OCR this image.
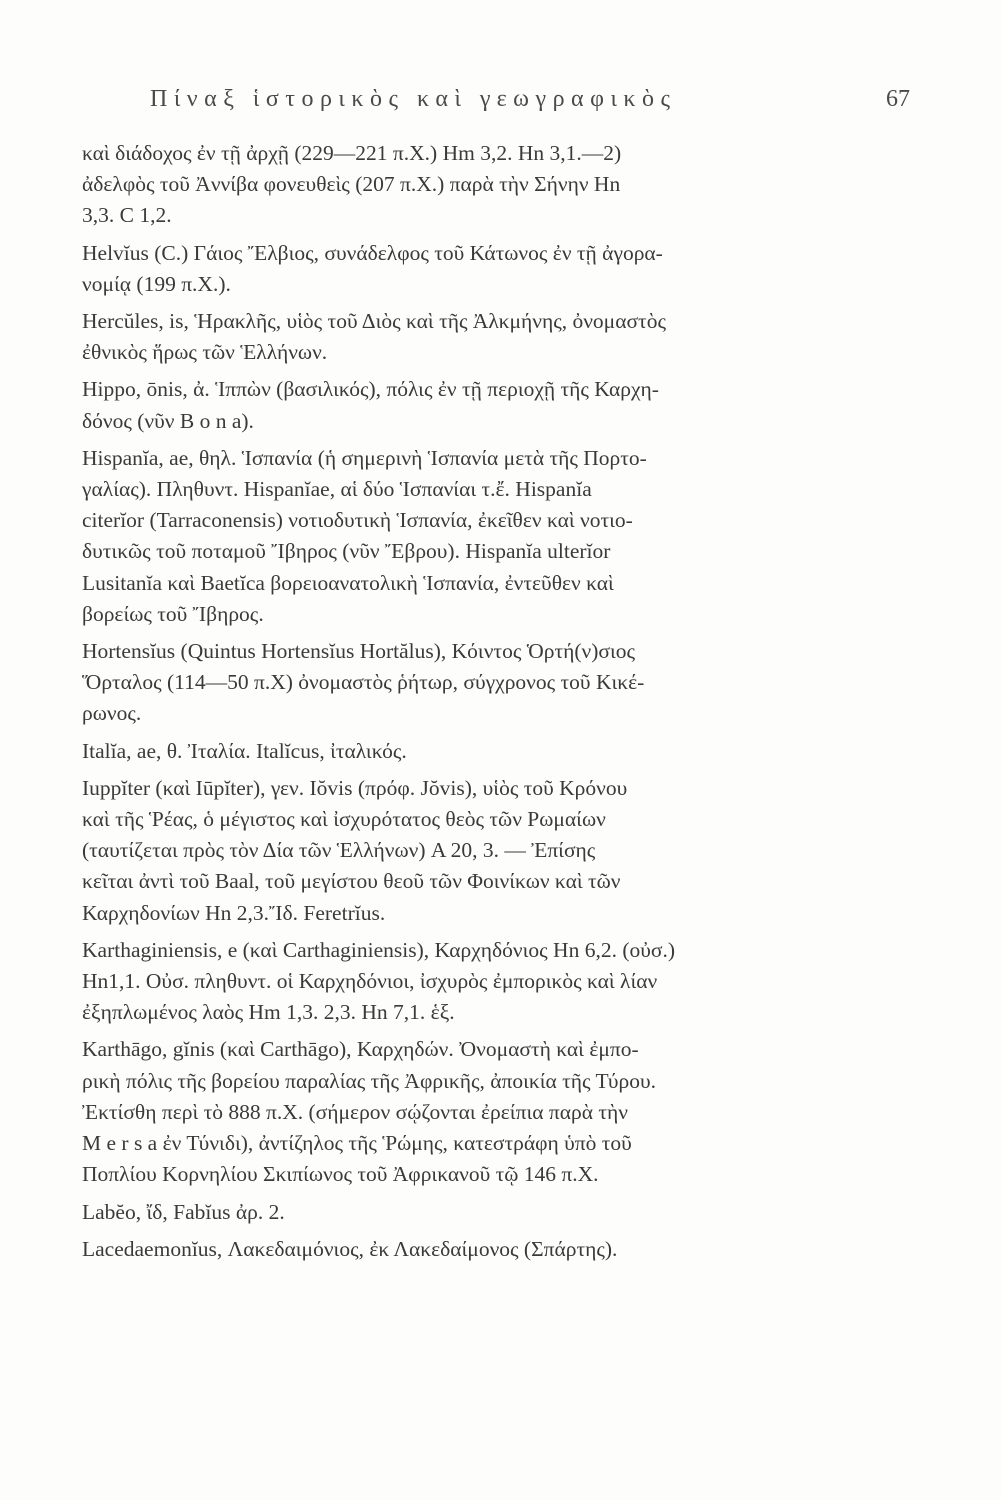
Πίναξ ἱστορικὸς καὶ γεωγραφικὸς	67

καὶ διάδοχος ἐν τῇ ἀρχῇ (229—221 π.Χ.) Hm 3,2. Hn 3,1.—2)
ἀδελφὸς τοῦ Ἀννίβα φονευθεὶς (207 π.Χ.) παρὰ τὴν Σήνην Hn
3,3. C 1,2.

Helvĭus (C.) Γάιος Ἔλβιος, συνάδελφος τοῦ Κάτωνος ἐν τῇ ἀγορα-
νομίᾳ (199 π.Χ.).

Hercŭles, is, Ἡρακλῆς, υἱὸς τοῦ Διὸς καὶ τῆς Ἀλκμήνης, ὀνομαστὸς
ἐθνικὸς ἥρως τῶν Ἑλλήνων.

Hippo, ōnis, ἀ. Ἱππὼν (βασιλικός), πόλις ἐν τῇ περιοχῇ τῆς Καρχη-
δόνος (νῦν B o n a).

Hispanĭa, ae, θηλ. Ἱσπανία (ἡ σημερινὴ Ἱσπανία μετὰ τῆς Πορτο-
γαλίας). Πληθυντ. Hispanĭae, αἱ δύο Ἱσπανίαι τ.ἔ. Hispanĭa
citerĭor (Tarraconensis) νοτιοδυτικὴ Ἱσπανία, ἐκεῖθεν καὶ νοτιο-
δυτικῶς τοῦ ποταμοῦ Ἴβηρος (νῦν Ἔβρου). Hispanĭa ulterĭor
Lusitanĭa καὶ Baetĭca βορειοανατολικὴ Ἱσπανία, ἐντεῦθεν καὶ
βορείως τοῦ Ἴβηρος.

Hortensĭus (Quintus Hortensĭus Hortălus), Κόιντος Ὁρτή(ν)σιος
Ὅρταλος (114—50 π.Χ) ὀνομαστὸς ῥήτωρ, σύγχρονος τοῦ Κικέ-
ρωνος.

Italĭa, ae, θ. Ἰταλία. Italĭcus, ἰταλικός.

Iuppĭter (καὶ Iūpĭter), γεν. Iŏvis (πρόφ. Jŏvis), υἱὸς τοῦ Κρόνου
καὶ τῆς Ῥέας, ὁ μέγιστος καὶ ἰσχυρότατος θεὸς τῶν Ρωμαίων
(ταυτίζεται πρὸς τὸν Δία τῶν Ἑλλήνων) A 20, 3. — Ἐπίσης
κεῖται ἀντὶ τοῦ Baal, τοῦ μεγίστου θεοῦ τῶν Φοινίκων καὶ τῶν
Καρχηδονίων Hn 2,3.Ἴδ. Feretrĭus.

Karthaginiensis, e (καὶ Carthaginiensis), Καρχηδόνιος Hn 6,2. (οὐσ.)
Hn1,1. Οὐσ. πληθυντ. οἱ Καρχηδόνιοι, ἰσχυρὸς ἐμπορικὸς καὶ λίαν
ἐξηπλωμένος λαὸς Hm 1,3. 2,3. Hn 7,1. ἑξ.

Karthāgo, gĭnis (καὶ Carthāgo), Καρχηδών. Ὀνομαστὴ καὶ ἐμπο-
ρικὴ πόλις τῆς βορείου παραλίας τῆς Ἀφρικῆς, ἀποικία τῆς Τύρου.
Ἐκτίσθη περὶ τὸ 888 π.Χ. (σήμερον σῴζονται ἐρείπια παρὰ τὴν
M e r s a ἐν Τύνιδι), ἀντίζηλος τῆς Ῥώμης, κατεστράφη ὑπὸ τοῦ
Ποπλίου Κορνηλίου Σκιπίωνος τοῦ Ἀφρικανοῦ τῷ 146 π.Χ.

Labĕo, ἴδ, Fabĭus ἀρ. 2.

Lacedaemonĭus, Λακεδαιμόνιος, ἐκ Λακεδαίμονος (Σπάρτης).
